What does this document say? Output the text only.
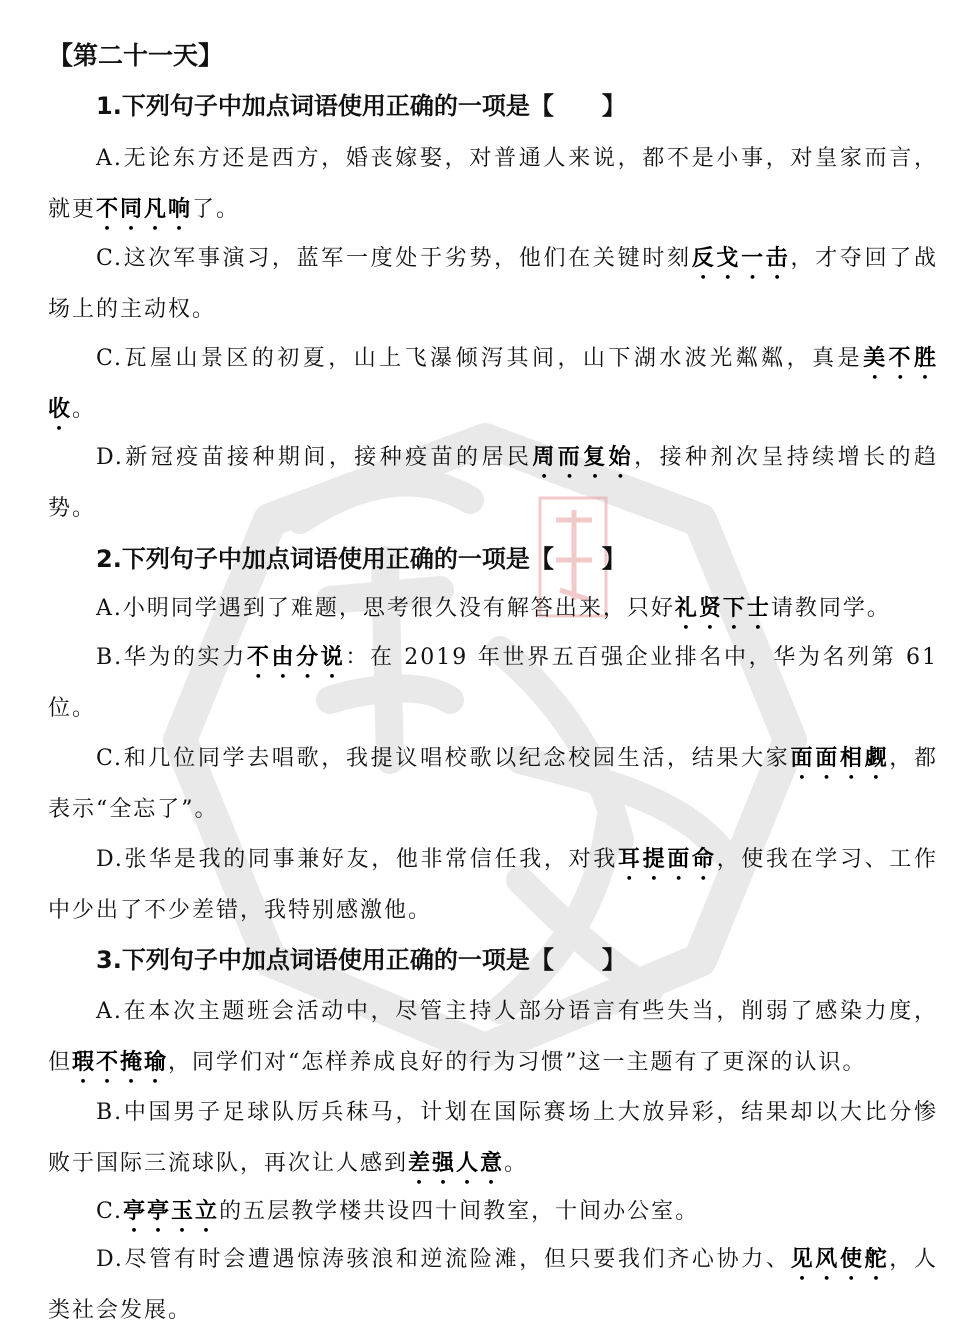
【第二十一天】
1.下列句子中加点词语使用正确的一项是【　　】

A.无论东方还是西方，婚丧嫁娶，对普通人来说，都不是小事，对皇家而言，就更不同凡响了。

C.这次军事演习，蓝军一度处于劣势，他们在关键时刻反戈一击，才夺回了战场上的主动权。

C.瓦屋山景区的初夏，山上飞瀑倾泻其间，山下湖水波光粼粼，真是美不胜收。

D.新冠疫苗接种期间，接种疫苗的居民周而复始，接种剂次呈持续增长的趋势。

2.下列句子中加点词语使用正确的一项是【　　】

A.小明同学遇到了难题，思考很久没有解答出来，只好礼贤下士请教同学。

B.华为的实力不由分说：在 2019 年世界五百强企业排名中，华为名列第 61 位。

C.和几位同学去唱歌，我提议唱校歌以纪念校园生活，结果大家面面相觑，都表示“全忘了”。

D.张华是我的同事兼好友，他非常信任我，对我耳提面命，使我在学习、工作中少出了不少差错，我特别感激他。

3.下列句子中加点词语使用正确的一项是【　　】

A.在本次主题班会活动中，尽管主持人部分语言有些失当，削弱了感染力度，但瑕不掩瑜，同学们对“怎样养成良好的行为习惯”这一主题有了更深的认识。

B.中国男子足球队厉兵秣马，计划在国际赛场上大放异彩，结果却以大比分惨败于国际三流球队，再次让人感到差强人意。

C.亭亭玉立的五层教学楼共设四十间教室，十间办公室。

D.尽管有时会遭遇惊涛骇浪和逆流险滩，但只要我们齐心协力、见风使舵，人类社会发展。
